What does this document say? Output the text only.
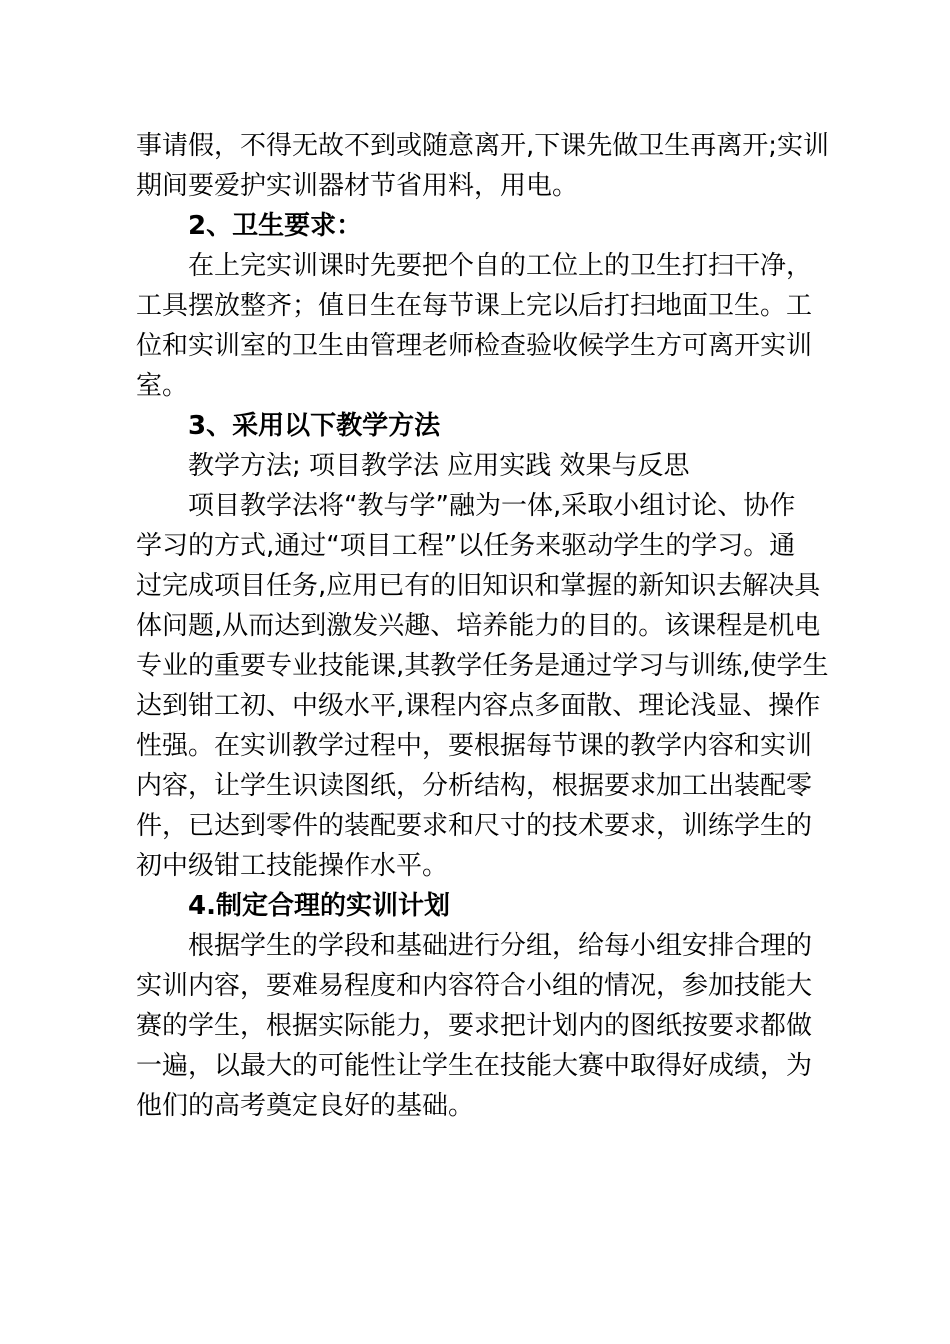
事请假，不得无故不到或随意离开,下课先做卫生再离开;实训
期间要爱护实训器材节省用料，用电。
2、卫生要求：
在上完实训课时先要把个自的工位上的卫生打扫干净，
工具摆放整齐；值日生在每节课上完以后打扫地面卫生。工
位和实训室的卫生由管理老师检查验收候学生方可离开实训
室。
3、采用以下教学方法
教学方法; 项目教学法 应用实践 效果与反思
项目教学法将“教与学”融为一体,采取小组讨论、协作
学习的方式,通过“项目工程”以任务来驱动学生的学习。通
过完成项目任务,应用已有的旧知识和掌握的新知识去解决具
体问题,从而达到激发兴趣、培养能力的目的。该课程是机电
专业的重要专业技能课,其教学任务是通过学习与训练,使学生
达到钳工初、中级水平,课程内容点多面散、理论浅显、操作
性强。在实训教学过程中，要根据每节课的教学内容和实训
内容，让学生识读图纸，分析结构，根据要求加工出装配零
件，已达到零件的装配要求和尺寸的技术要求，训练学生的
初中级钳工技能操作水平。
4.制定合理的实训计划
根据学生的学段和基础进行分组，给每小组安排合理的
实训内容，要难易程度和内容符合小组的情况，参加技能大
赛的学生，根据实际能力，要求把计划内的图纸按要求都做
一遍，以最大的可能性让学生在技能大赛中取得好成绩，为
他们的高考奠定良好的基础。
